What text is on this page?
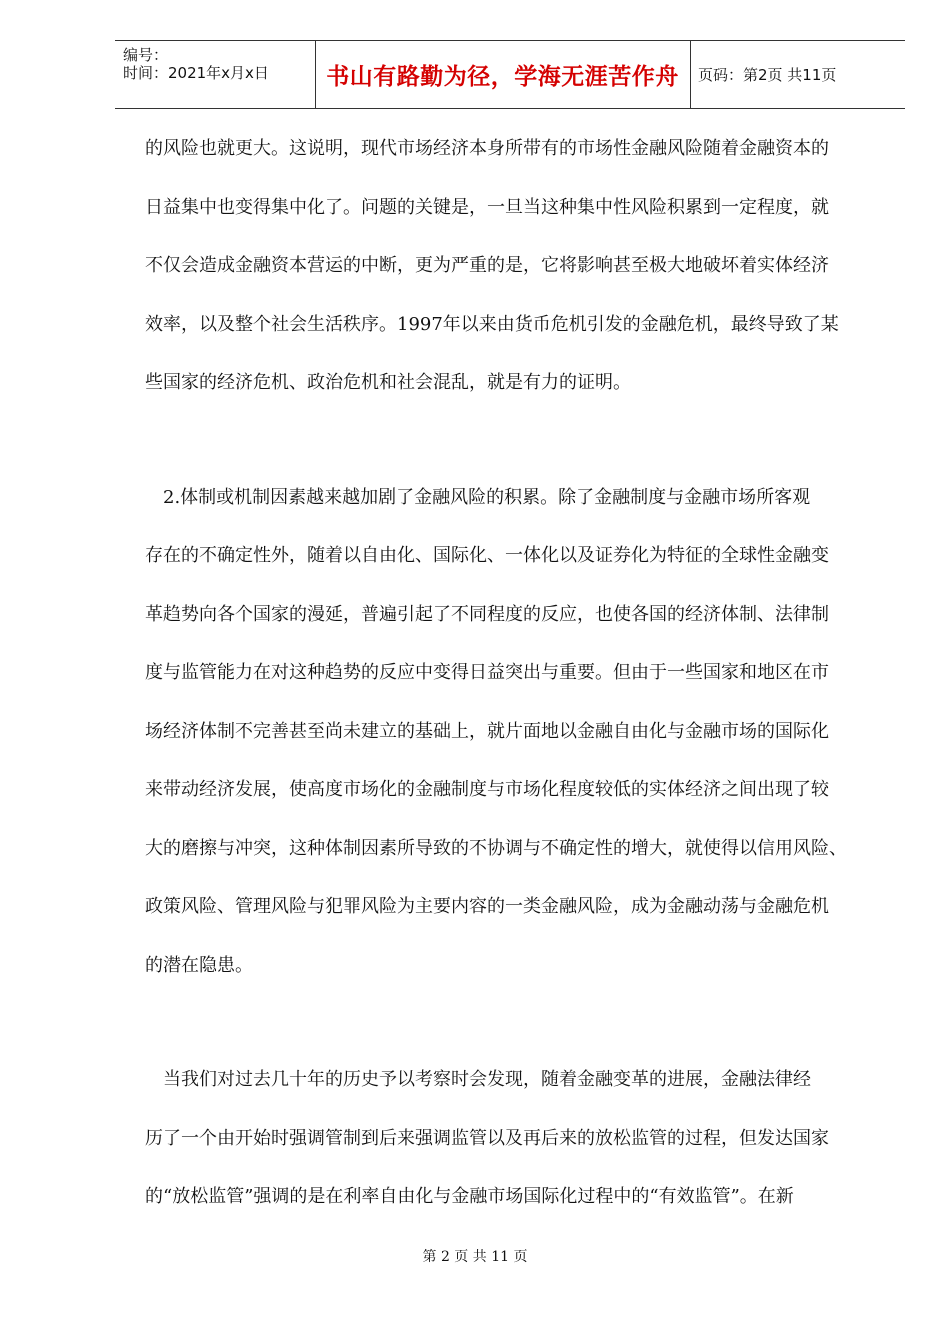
编号：
时间：2021年x月x日 书山有路勤为径，学海无涯苦作舟 页码：第2页 共11页

的风险也就更大。这说明，现代市场经济本身所带有的市场性金融风险随着金融资本的
日益集中也变得集中化了。问题的关键是，一旦当这种集中性风险积累到一定程度，就
不仅会造成金融资本营运的中断，更为严重的是，它将影响甚至极大地破坏着实体经济
效率，以及整个社会生活秩序。1997年以来由货币危机引发的金融危机，最终导致了某
些国家的经济危机、政治危机和社会混乱，就是有力的证明。

　2.体制或机制因素越来越加剧了金融风险的积累。除了金融制度与金融市场所客观
存在的不确定性外，随着以自由化、国际化、一体化以及证券化为特征的全球性金融变
革趋势向各个国家的漫延，普遍引起了不同程度的反应，也使各国的经济体制、法律制
度与监管能力在对这种趋势的反应中变得日益突出与重要。但由于一些国家和地区在市
场经济体制不完善甚至尚未建立的基础上，就片面地以金融自由化与金融市场的国际化
来带动经济发展，使高度市场化的金融制度与市场化程度较低的实体经济之间出现了较
大的磨擦与冲突，这种体制因素所导致的不协调与不确定性的增大，就使得以信用风险、
政策风险、管理风险与犯罪风险为主要内容的一类金融风险，成为金融动荡与金融危机
的潜在隐患。

　当我们对过去几十年的历史予以考察时会发现，随着金融变革的进展，金融法律经
历了一个由开始时强调管制到后来强调监管以及再后来的放松监管的过程，但发达国家
的“放松监管”强调的是在利率自由化与金融市场国际化过程中的“有效监管”。在新

第 2 页 共 11 页
